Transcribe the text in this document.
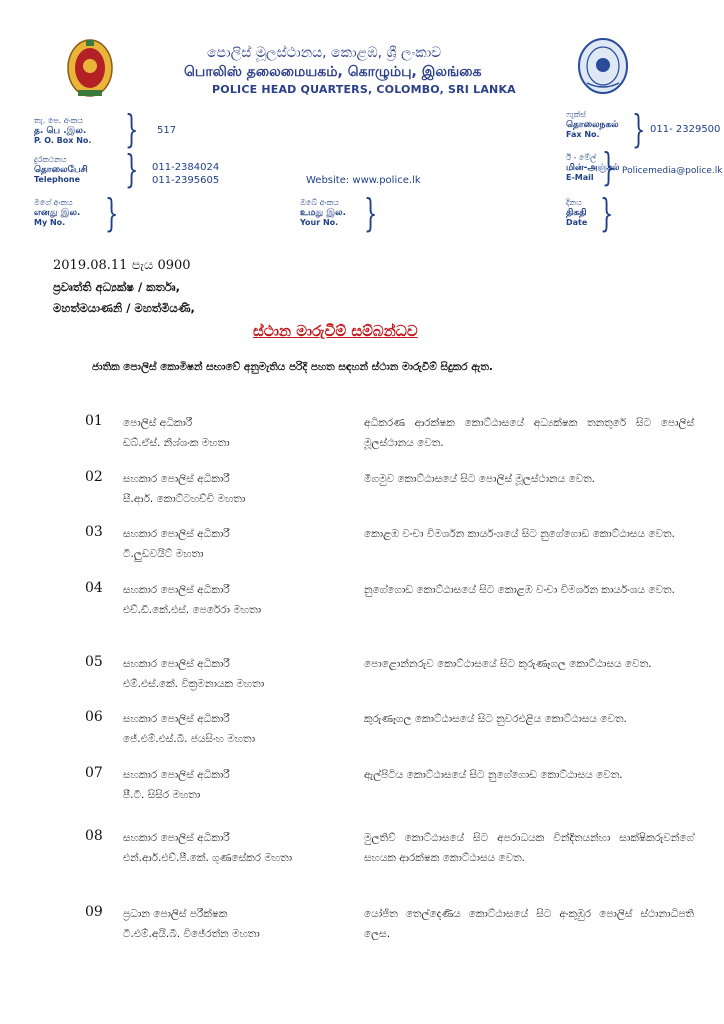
පොලිස් මූලස්ථානය, කොළඹ, ශ්‍රී ලංකාව
பொலிஸ் தலைமையகம், கொழும்பு, இலங்கை
POLICE HEAD QUARTERS, COLOMBO, SRI LANKA
තැ. පෙ. අංකය
த. பெ .இல.
P. O. Box No. } 517
ෆැක්ස්
தொலைநகல்
Fax No. } 011- 2329500
දුරකථනය
தொலைபேசி
Telephone } 011-2384024
011-2395605	Website: www.police.lk
ඊ - මේල්
மின்-அஞ்சல்
E-Mail } Policemedia@police.lk
මගේ අංකය
எனது இல.
My No.	}	ඔබේ අංකය
உமது இல.
Your No. }	දිනය
திகதி
Date }
2019.08.11 පැය 0900
ප්‍රවෘත්ති අධ්‍යක්ෂ / කර්තෘ,
මහත්මයාණනි / මහත්මියණි,
ස්ථාන මාරුවීම් සම්බන්ධව
ජාතික පොලිස් කොමිෂන් සභාවේ අනුමැතිය පරිදි පහත සඳහන් ස්ථාන මාරුවීම් සිදුකර ඇත.
01 පොලිස් අධිකාරී
ඩබ්.ඒස්. නිශ්ශංක මහතා
අධිකරණ ආරක්ෂක කොට්ඨාසයේ අධ්‍යක්ෂක තනතුරේ සිට පොලිස් මූලස්ථානය වෙත.
02 සහකාර පොලිස් අධිකාරී
සී.ආර්. කොට්ටහච්චි මහතා
මීගමුව කොට්ඨාසයේ සිට පොලිස් මූලස්ථානය වෙත.
03 සහකාර පොලිස් අධිකාරී
ටී.ලුඩවයිට් මහතා
කොළඹ වංචා විමර්ශන කාර්යංශයේ සිට නුගේගොඩ කොට්ඨාසය වෙත.
04 සහකාර පොලිස් අධිකාරී
එච්.ඩී.කේ.එස්. පෙරේරා මහතා
නුගේගොඩ කොට්ඨාසයේ සිට කොළඹ වංචා විමර්ශන කාර්යංශය වෙත.
05 සහකාර පොලිස් අධිකාරී
එම්.එස්.කේ. වික්‍රමනායක මහතා
පොළොන්නරුව කොට්ඨාසයේ සිට කුරුණෑගල කොට්ඨාසය වෙත.
06 සහකාර පොලිස් අධිකාරී
ජේ.එම්.එස්.බී. ජයසිංහ මහතා
කුරුණෑගල කොට්ඨාසයේ සිට නුවරඑළිය කොට්ඨාසය වෙත.
07 සහකාර පොලිස් අධිකාරී
පී.ටී. සිසිර මහතා
ඇල්පිටිය කොට්ඨාසයේ සිට නුගේගොඩ කොට්ඨාසය වෙත.
08 සහකාර පොලිස් අධිකාරී
එන්.ආර්.එච්.පී.කේ. ගුණසේකර මහතා
මුලතිව් කොට්ඨාසයේ සිට අපරාධයක වින්දිතයන්හා සාක්ෂිකරුවන්ගේ සහයක ආරක්ෂක කොට්ඨාසය වෙත.
09 ප්‍රධාන පොලිස් පරීක්ෂක
ටී.එම්.අයි.බී. විජේරත්න මහතා
යෝජිත තෙල්දෙණිය කොට්ඨාසයේ සිට අංකුඹුර පොලිස් ස්ථානාධිපති ලෙස.
